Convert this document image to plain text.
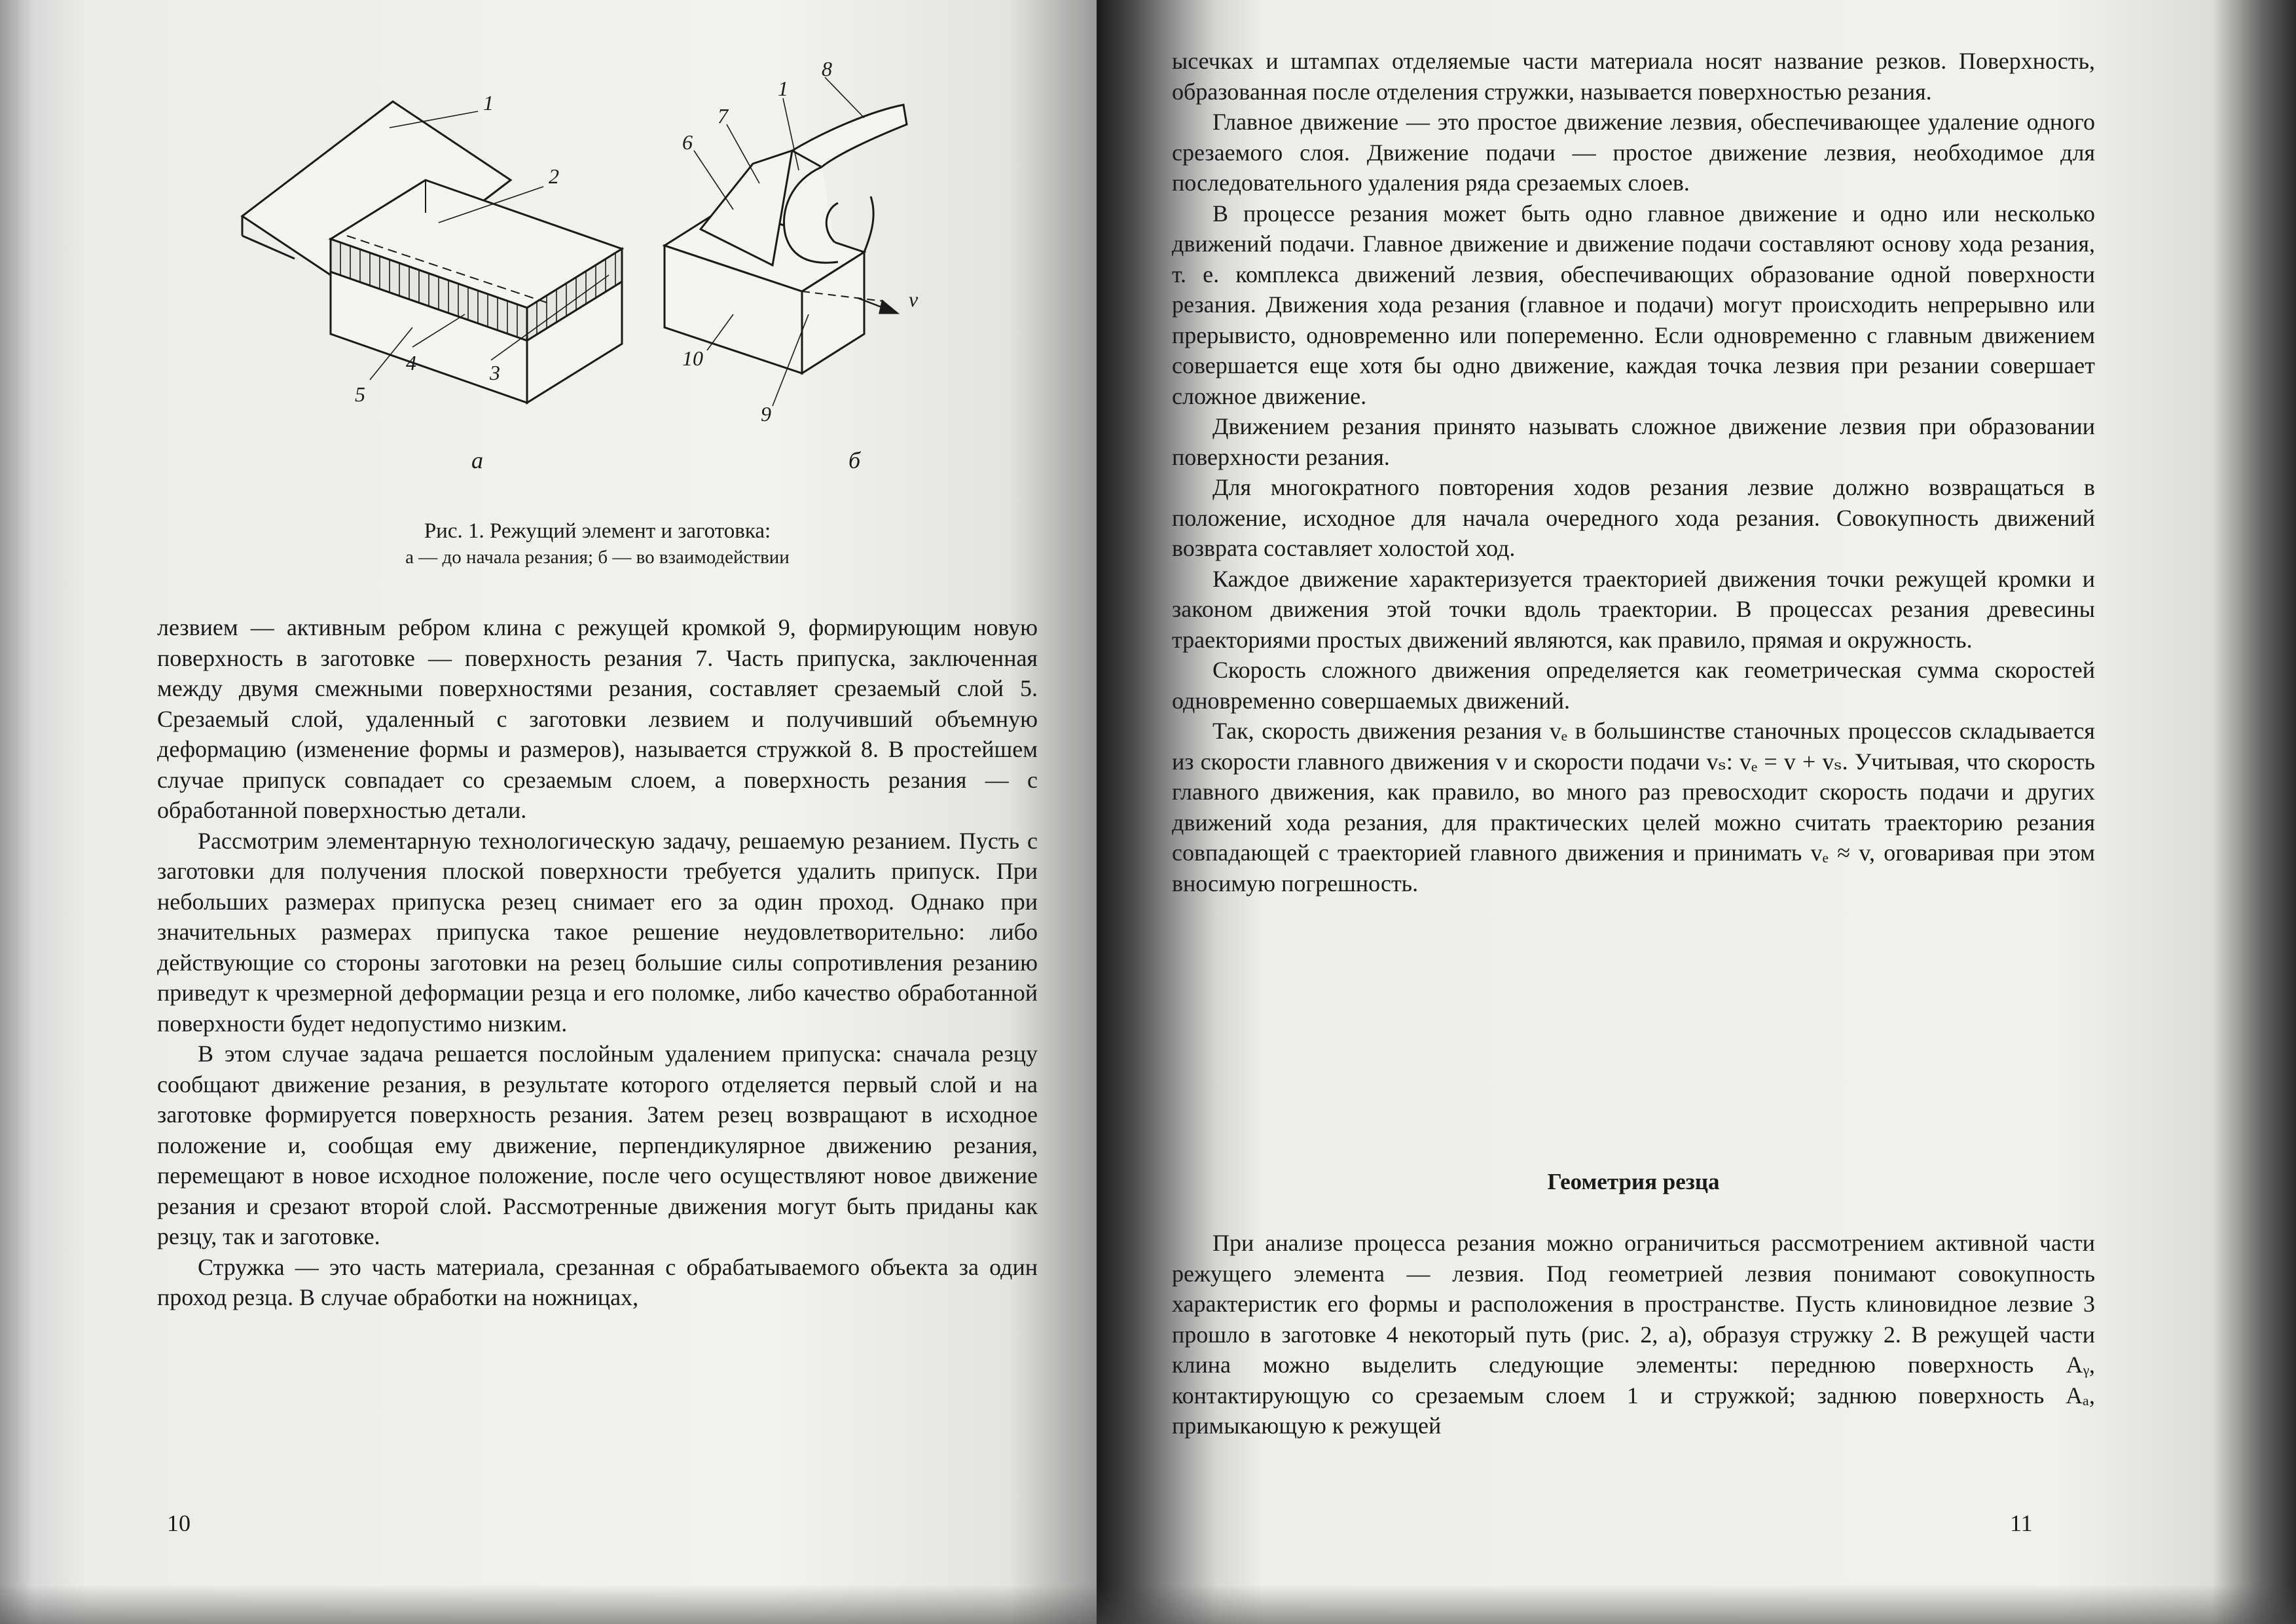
1
2
3
4
5
а
1
8
7
6
10
9
v
б
Рис. 1. Режущий элемент и заготовка:
а — до начала резания; б — во взаимодействии

лезвием — активным ребром клина с режущей кромкой 9, формирующим новую поверхность в заготовке — поверхность резания 7. Часть припуска, заключенная между двумя смежными поверхностями резания, составляет срезаемый слой 5. Срезаемый слой, удаленный с заготовки лезвием и получивший объемную деформацию (изменение формы и размеров), называется стружкой 8. В простейшем случае припуск совпадает со срезаемым слоем, а поверхность резания — с обработанной поверхностью детали.

Рассмотрим элементарную технологическую задачу, решаемую резанием. Пусть с заготовки для получения плоской поверхности требуется удалить припуск. При небольших размерах припуска резец снимает его за один проход. Однако при значительных размерах припуска такое решение неудовлетворительно: либо действующие со стороны заготовки на резец большие силы сопротивления резанию приведут к чрезмерной деформации резца и его поломке, либо качество обработанной поверхности будет недопустимо низким.

В этом случае задача решается послойным удалением припуска: сначала резцу сообщают движение резания, в результате которого отделяется первый слой и на заготовке формируется поверхность резания. Затем резец возвращают в исходное положение и, сообщая ему движение, перпендикулярное движению резания, перемещают в новое исходное положение, после чего осуществляют новое движение резания и срезают второй слой. Рассмотренные движения могут быть приданы как резцу, так и заготовке.

Стружка — это часть материала, срезанная с обрабатываемого объекта за один проход резца. В случае обработки на ножницах,

10

ысечках и штампах отделяемые части материала носят название резков. Поверхность, образованная после отделения стружки, называется поверхностью резания.

Главное движение — это простое движение лезвия, обеспечивающее удаление одного срезаемого слоя. Движение подачи — простое движение лезвия, необходимое для последовательного удаления ряда срезаемых слоев.

В процессе резания может быть одно главное движение и одно или несколько движений подачи. Главное движение и движение подачи составляют основу хода резания, т. е. комплекса движений лезвия, обеспечивающих образование одной поверхности резания. Движения хода резания (главное и подачи) могут происходить непрерывно или прерывисто, одновременно или попеременно. Если одновременно с главным движением совершается еще хотя бы одно движение, каждая точка лезвия при резании совершает сложное движение.

Движением резания принято называть сложное движение лезвия при образовании поверхности резания.

Для многократного повторения ходов резания лезвие должно возвращаться в положение, исходное для начала очередного хода резания. Совокупность движений возврата составляет холостой ход.

Каждое движение характеризуется траекторией движения точки режущей кромки и законом движения этой точки вдоль траектории. В процессах резания древесины траекториями простых движений являются, как правило, прямая и окружность.

Скорость сложного движения определяется как геометрическая сумма скоростей одновременно совершаемых движений.

Так, скорость движения резания vₑ в большинстве станочных процессов складывается из скорости главного движения v и скорости подачи vₛ: vₑ = v + vₛ. Учитывая, что скорость главного движения, как правило, во много раз превосходит скорость подачи и других движений хода резания, для практических целей можно считать траекторию резания совпадающей с траекторией главного движения и принимать vₑ ≈ v, оговаривая при этом вносимую погрешность.

Геометрия резца

При анализе процесса резания можно ограничиться рассмотрением активной части режущего элемента — лезвия. Под геометрией лезвия понимают совокупность характеристик его формы и расположения в пространстве. Пусть клиновидное лезвие 3 прошло в заготовке 4 некоторый путь (рис. 2, а), образуя стружку 2. В режущей части клина можно выделить следующие элементы: переднюю поверхность Aᵧ, контактирующую со срезаемым слоем 1 и стружкой; заднюю поверхность Aₐ, примыкающую к режущей

11
